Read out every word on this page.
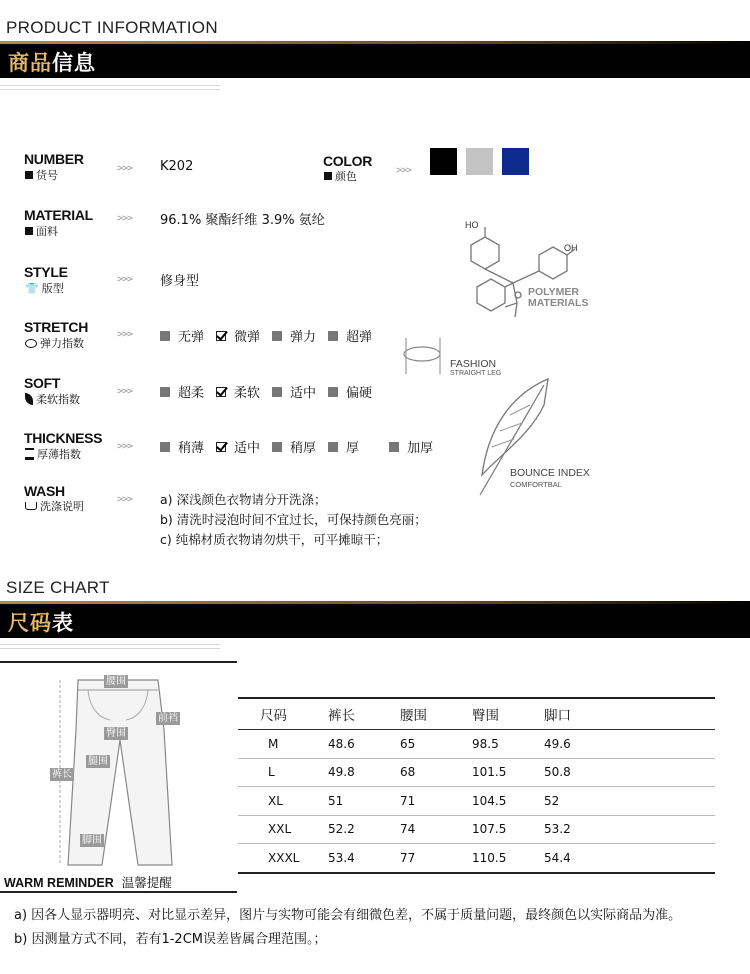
PRODUCT INFORMATION
商品信息
NUMBER
货号
>>> K202	COLOR
颜色	>>>
MATERIAL
面料
>>> 96.1% 聚酯纤维 3.9% 氨纶
STYLE
👕 版型
>>> 修身型
STRETCH
弹力指数
>>>	无弹 微弹 弹力 超弹
SOFT
柔软指数
>>>	超柔 柔软 适中 偏硬
THICKNESS
厚薄指数
>>>	稍薄 适中 稍厚 厚	加厚
WASH
洗涤说明
>>> a) 深浅颜色衣物请分开洗涤；
b) 清洗时浸泡时间不宜过长，可保持颜色亮丽；
c) 纯棉材质衣物请勿烘干，可平摊晾干；
HO
OH
POLYMER
MATERIALS
FASHION
STRAIGHT LEG
BOUNCE INDEX
COMFORTBAL
SIZE CHART
尺码表
腰围
前裆
臀围
腿围
裤长
脚围
尺码	裤长	腰围	臀围	脚口
M	48.6	65	98.5	49.6
L	49.8	68	101.5	50.8
XL	51	71	104.5	52
XXL	52.2	74	107.5	53.2
XXXL	53.4	77	110.5	54.4
WARM REMINDER 温馨提醒
a) 因各人显示器明亮、对比显示差异，图片与实物可能会有细微色差，不属于质量问题，最终颜色以实际商品为准。
b) 因测量方式不同，若有1-2CM误差皆属合理范围。；
